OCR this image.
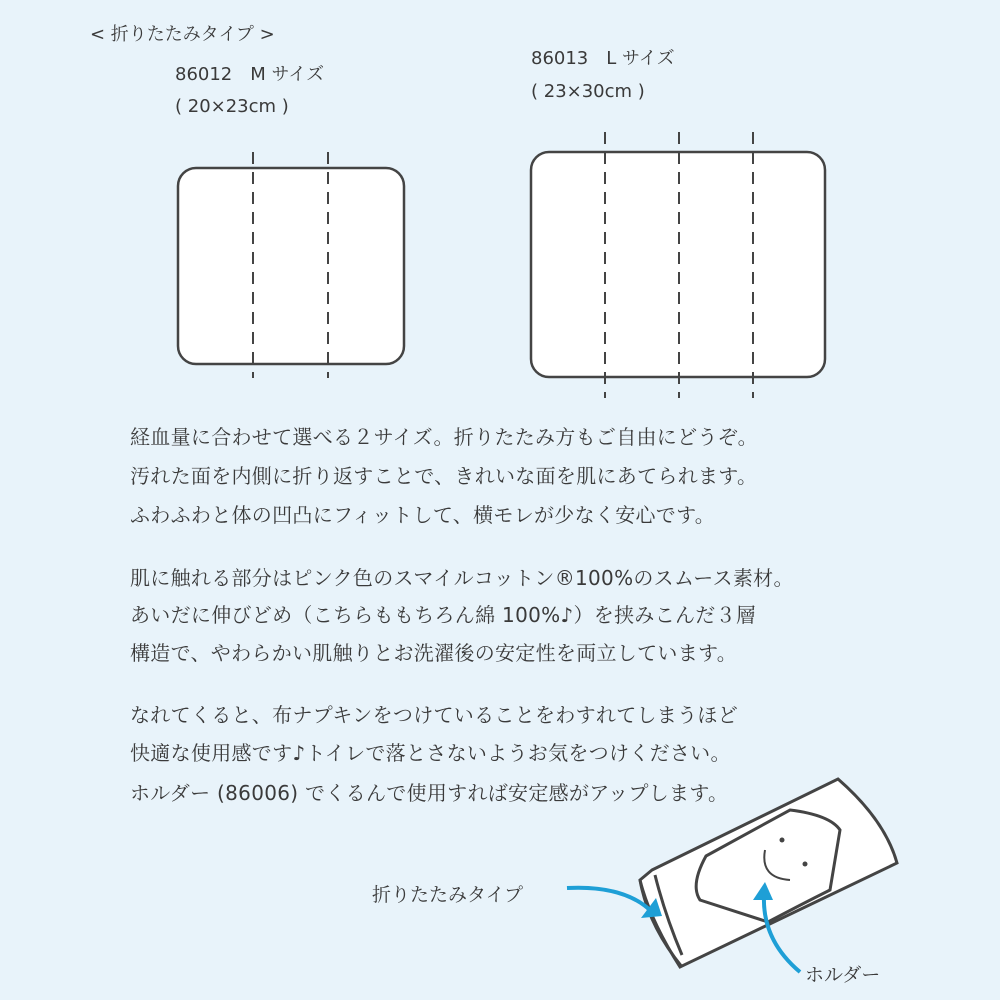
< 折りたたみタイプ >
86012　M サイズ
( 20×23cm )
86013　L サイズ
( 23×30cm )
経血量に合わせて選べる２サイズ。折りたたみ方もご自由にどうぞ。
汚れた面を内側に折り返すことで、きれいな面を肌にあてられます。
ふわふわと体の凹凸にフィットして、横モレが少なく安心です。
肌に触れる部分はピンク色のスマイルコットン®100%のスムース素材。
あいだに伸びどめ（こちらももちろん綿 100%♪）を挟みこんだ３層
構造で、やわらかい肌触りとお洗濯後の安定性を両立しています。
なれてくると、布ナプキンをつけていることをわすれてしまうほど
快適な使用感です♪トイレで落とさないようお気をつけください。
ホルダー (86006) でくるんで使用すれば安定感がアップします。
折りたたみタイプ
ホルダー
